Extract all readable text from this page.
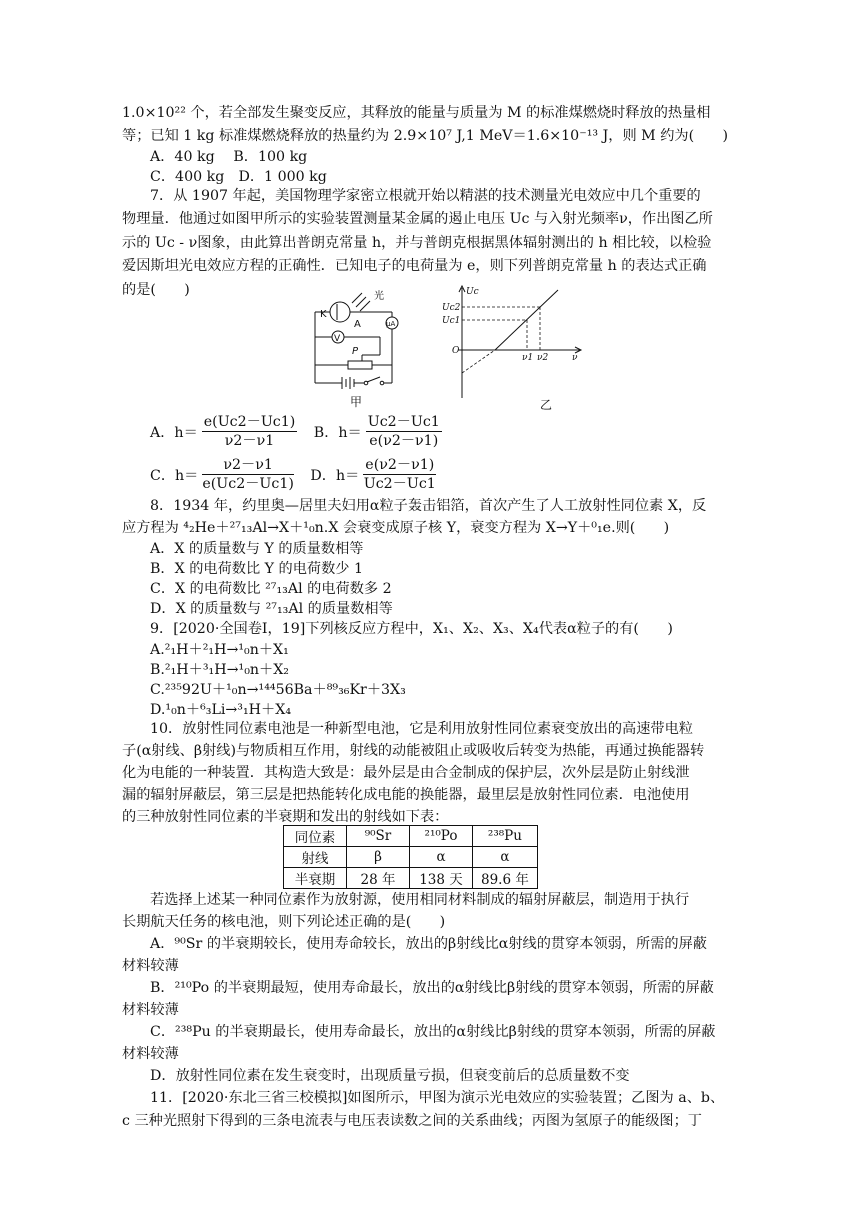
1.0×10²² 个，若全部发生聚变反应，其释放的能量与质量为 M 的标准煤燃烧时释放的热量相
等；已知 1 kg 标准煤燃烧释放的热量约为 2.9×10⁷ J,1 MeV＝1.6×10⁻¹³ J，则 M 约为(　　)
A．40 kg　 B．100 kg
C．400 kg　D．1 000 kg
7．从 1907 年起，美国物理学家密立根就开始以精湛的技术测量光电效应中几个重要的
物理量．他通过如图甲所示的实验装置测量某金属的遏止电压 Uc 与入射光频率ν，作出图乙所
示的 Uc - ν图象，由此算出普朗克常量 h，并与普朗克根据黑体辐射测出的 h 相比较，以检验
爱因斯坦光电效应方程的正确性．已知电子的电荷量为 e，则下列普朗克常量 h 的表达式正确
的是(　　)	光
K
A
V
μA
P
甲
Uc
Uc2
Uc1
O
ν1 ν2	ν
乙
A．$h= \frac{e(Uc2-Uc1)}{\nu 2-\nu 1}$ B．$h= \frac{Uc2-Uc1}{e(\nu 2-\nu 1)}$
C．$h= \frac{\nu 2-\nu 1}{e(Uc2-Uc1)}$ D．$h= \frac{e(\nu 2-\nu 1)}{Uc2-Uc1}$
8．1934 年，约里奥—居里夫妇用α粒子轰击铝箔，首次产生了人工放射性同位素 X，反
应方程为 ⁴₂He＋²⁷₁₃Al→X＋¹₀n.X 会衰变成原子核 Y，衰变方程为 X→Y＋⁰₁e.则(　　)
A．X 的质量数与 Y 的质量数相等
B．X 的电荷数比 Y 的电荷数少 1
C．X 的电荷数比 ²⁷₁₃Al 的电荷数多 2
D．X 的质量数与 ²⁷₁₃Al 的质量数相等
9．[2020·全国卷Ⅰ，19]下列核反应方程中，X₁、X₂、X₃、X₄代表α粒子的有(　　)
A.²₁H＋²₁H→¹₀n＋X₁
B.²₁H＋³₁H→¹₀n＋X₂
C.²³⁵92U＋¹₀n→¹⁴⁴56Ba＋⁸⁹₃₆Kr＋3X₃
D.¹₀n＋⁶₃Li→³₁H＋X₄
10．放射性同位素电池是一种新型电池，它是利用放射性同位素衰变放出的高速带电粒
子(α射线、β射线)与物质相互作用，射线的动能被阻止或吸收后转变为热能，再通过换能器转
化为电能的一种装置．其构造大致是：最外层是由合金制成的保护层，次外层是防止射线泄
漏的辐射屏蔽层，第三层是把热能转化成电能的换能器，最里层是放射性同位素．电池使用
的三种放射性同位素的半衰期和发出的射线如下表：
同位素	⁹⁰Sr	²¹⁰Po	²³⁸Pu
射线	β	α	α
半衰期	28 年	138 天	89.6 年
若选择上述某一种同位素作为放射源，使用相同材料制成的辐射屏蔽层，制造用于执行
长期航天任务的核电池，则下列论述正确的是(　　)
A．⁹⁰Sr 的半衰期较长，使用寿命较长，放出的β射线比α射线的贯穿本领弱，所需的屏蔽
材料较薄
B．²¹⁰Po 的半衰期最短，使用寿命最长，放出的α射线比β射线的贯穿本领弱，所需的屏蔽
材料较薄
C．²³⁸Pu 的半衰期最长，使用寿命最长，放出的α射线比β射线的贯穿本领弱，所需的屏蔽
材料较薄
D．放射性同位素在发生衰变时，出现质量亏损，但衰变前后的总质量数不变
11．[2020·东北三省三校模拟]如图所示，甲图为演示光电效应的实验装置；乙图为 a、b、
c 三种光照射下得到的三条电流表与电压表读数之间的关系曲线；丙图为氢原子的能级图；丁
